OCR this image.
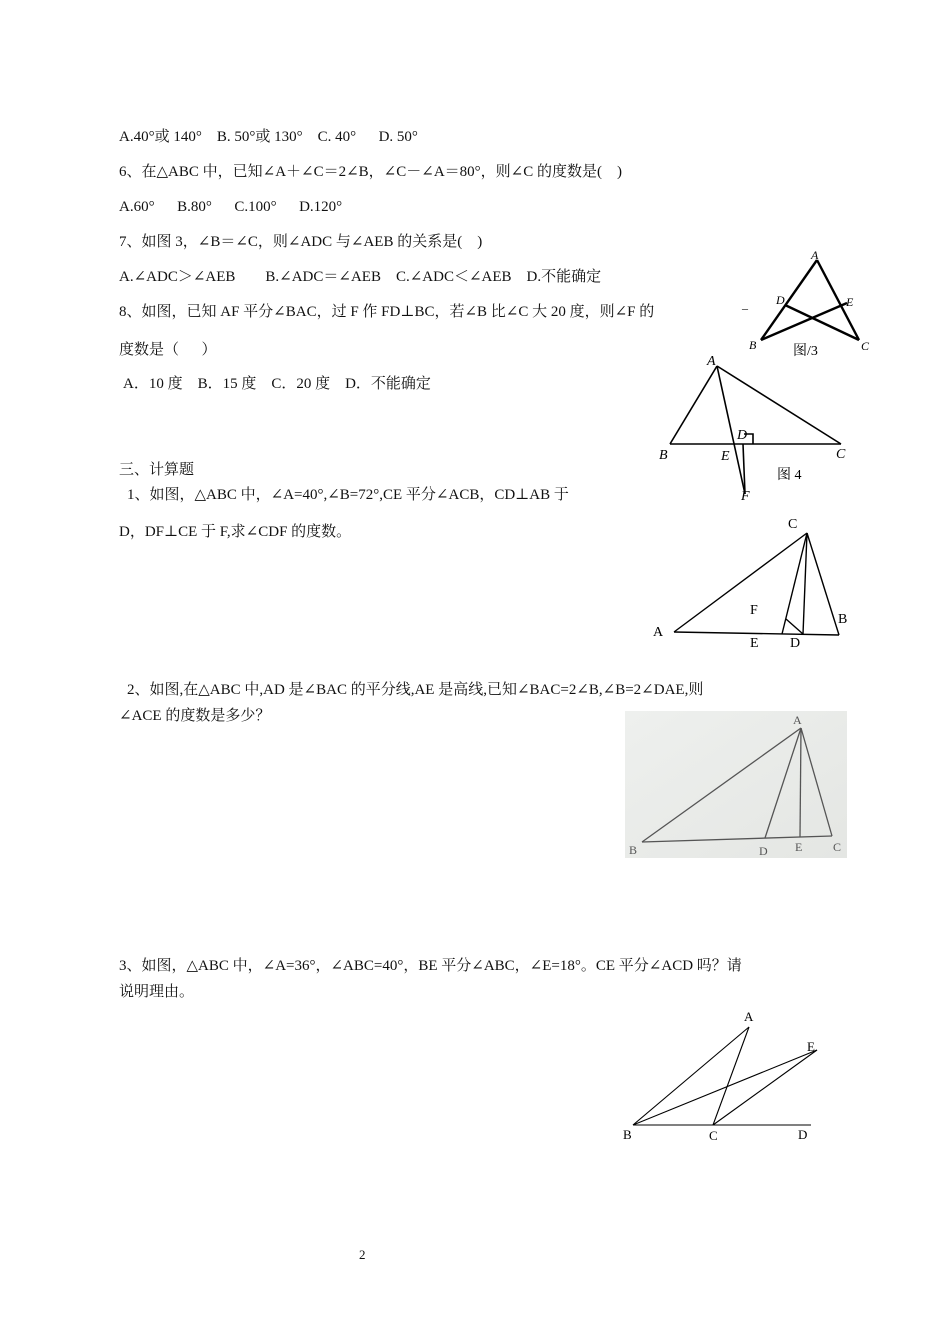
A.40°或 140°    B. 50°或 130°    C. 40°      D. 50°
6、在△ABC 中，已知∠A＋∠C＝2∠B，∠C－∠A＝80°，则∠C 的度数是(    )
A.60°      B.80°      C.100°      D.120°
7、如图 3，∠B＝∠C，则∠ADC 与∠AEB 的关系是(    )
A.∠ADC＞∠AEB        B.∠ADC＝∠AEB    C.∠ADC＜∠AEB    D.不能确定
8、如图，已知 AF 平分∠BAC，过 F 作 FD⊥BC，若∠B 比∠C 大 20 度，则∠F 的
度数是（      ）
A．10 度    B．15 度    C．20 度    D．不能确定
三、计算题
1、如图，△ABC 中，∠A=40°,∠B=72°,CE 平分∠ACB，CD⊥AB 于
D，DF⊥CE 于 F,求∠CDF 的度数。
2、如图,在△ABC 中,AD 是∠BAC 的平分线,AE 是高线,已知∠BAC=2∠B,∠B=2∠DAE,则
∠ACE 的度数是多少？
3、如图，△ABC 中，∠A=36°，∠ABC=40°，BE 平分∠ABC，∠E=18°。CE 平分∠ACD 吗？请
说明理由。
A
D	E
B	C
–
图/3
A
B	C
D
E
F
图 4
C
A
B
F
E D
A
B	D E	C
A
E
B	C	D
2
